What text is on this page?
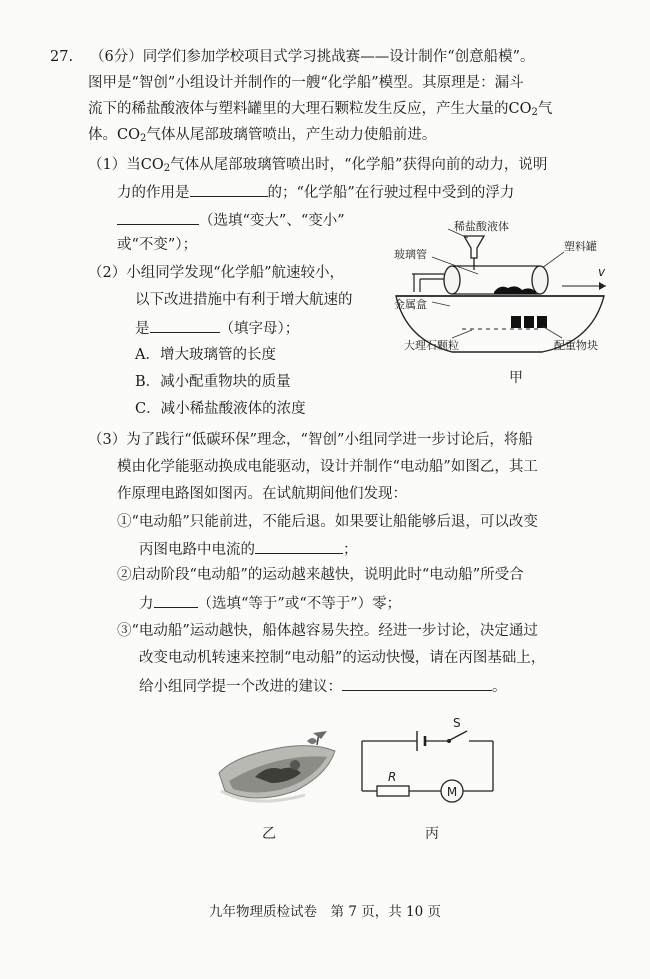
27. （6分）同学们参加学校项目式学习挑战赛——设计制作“创意船模”。
图甲是“智创”小组设计并制作的一艘“化学船”模型。其原理是：漏斗
流下的稀盐酸液体与塑料罐里的大理石颗粒发生反应，产生大量的$CO_2$气
体。$CO_2$气体从尾部玻璃管喷出，产生动力使船前进。
（1）当$CO_2$气体从尾部玻璃管喷出时，“化学船”获得向前的动力，说明
力的作用是	的；“化学船”在行驶过程中受到的浮力
（选填“变大”、“变小”
或“不变”）；
（2）小组同学发现“化学船”航速较小，
以下改进措施中有利于增大航速的
是	（填字母）；
A．增大玻璃管的长度
B．减小配重物块的质量
C．减小稀盐酸液体的浓度
稀盐酸液体
玻璃管
塑料罐
v
金属盒
大理石颗粒	配重物块
甲
（3）为了践行“低碳环保”理念，“智创”小组同学进一步讨论后，将船
模由化学能驱动换成电能驱动，设计并制作“电动船”如图乙，其工
作原理电路图如图丙。在试航期间他们发现：
①“电动船”只能前进，不能后退。如果要让船能够后退，可以改变
丙图电路中电流的	；
②启动阶段“电动船”的运动越来越快，说明此时“电动船”所受合
力	（选填“等于”或“不等于”）零；
③“电动船”运动越快，船体越容易失控。经进一步讨论，决定通过
改变电动机转速来控制“电动船”的运动快慢，请在丙图基础上，
给小组同学提一个改进的建议：	。
乙
S
R
M
丙
九年物理质检试卷　第 7 页，共 10 页
